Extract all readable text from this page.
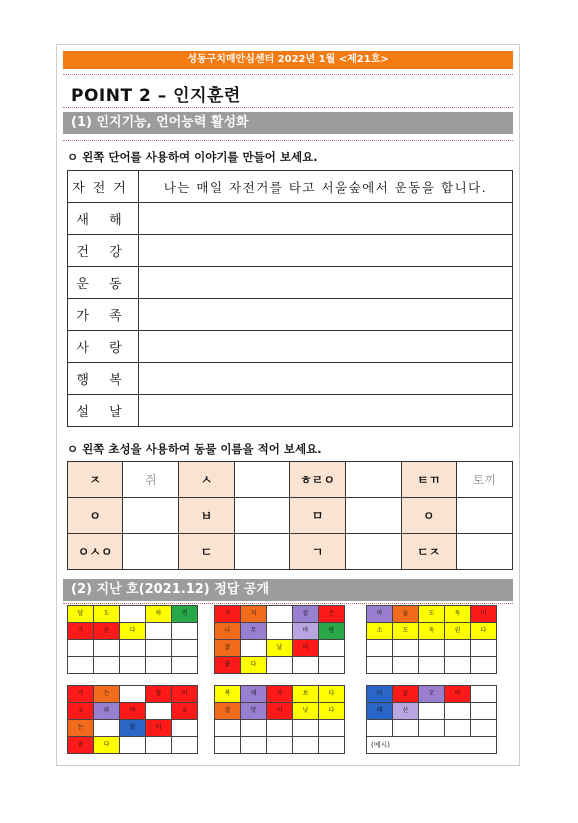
성동구치매안심센터 2022년 1월 <제21호>
POINT 2 – 인지훈련
(1) 인지기능, 언어능력 활성화
ㅇ 왼쪽 단어를 사용하여 이야기를 만들어 보세요.
자전거	나는 매일 자전거를 타고 서울숲에서 운동을 합니다.
새 해	
건 강	
운 동	
가 족	
사 랑	
행 복	
설 날	
ㅇ 왼쪽 초성을 사용하여 동물 이름을 적어 보세요.
ㅈ	쥐	ㅅ		ㅎㄹㅇ		ㅌㄲ	토끼
ㅇ		ㅂ		ㅁ		ㅇ	
ㅇㅅㅇ		ㄷ		ㄱ		ㄷㅈ	
(2) 지난 호(2021.12) 정답 공개
달	도		하	면
가	운	다		

가	지		잘	은
나	무		바	람
잘		날	이	
춥	다			
바	늘	도	둑	이
소	도	둑	권	다

가	는		말	이
고	와	야		오
는		말	이	
곱	다			
복	채	가	보	다
장	맛	이	낫	다

티	끌	모	아	
태	산			

(예시)				
